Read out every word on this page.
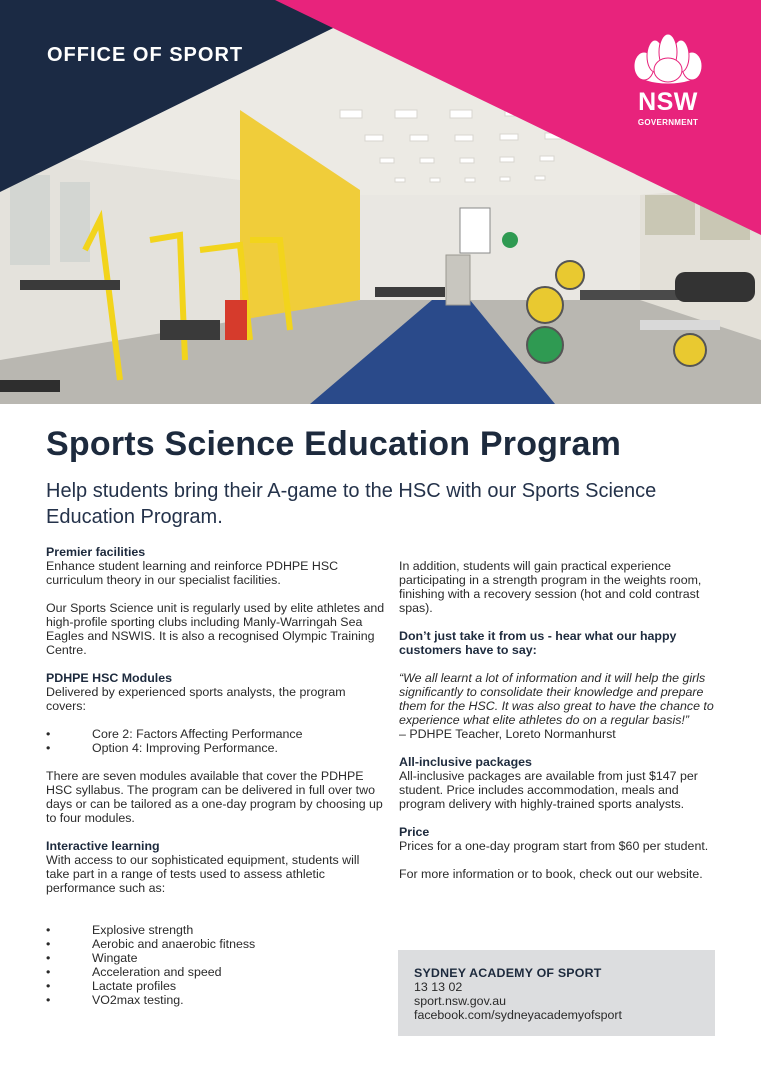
OFFICE OF SPORT
NSW
GOVERNMENT
Sports Science Education Program
Help students bring their A-game to the HSC with our Sports Science Education Program.
Premier facilities

Enhance student learning and reinforce PDHPE HSC curriculum theory in our specialist facilities.

Our Sports Science unit is regularly used by elite athletes and high-profile sporting clubs including Manly-Warringah Sea Eagles and NSWIS. It is also a recognised Olympic Training Centre.

PDHPE HSC Modules

Delivered by experienced sports analysts, the program covers:

•	Core 2: Factors Affecting Performance
•	Option 4: Improving Performance.

There are seven modules available that cover the PDHPE HSC syllabus. The program can be delivered in full over two days or can be tailored as a one-day program by choosing up to four modules.

Interactive learning

With access to our sophisticated equipment, students will take part in a range of tests used to assess athletic performance such as:

•	Explosive strength
•	Aerobic and anaerobic fitness
•	Wingate
•	Acceleration and speed
•	Lactate profiles
•	VO2max testing.

In addition, students will gain practical experience participating in a strength program in the weights room, finishing with a recovery session (hot and cold contrast spas).

Don’t just take it from us - hear what our happy customers have to say:

“We all learnt a lot of information and it will help the girls significantly to consolidate their knowledge and prepare them for the HSC. It was also great to have the chance to experience what elite athletes do on a regular basis!”
– PDHPE Teacher, Loreto Normanhurst

All-inclusive packages

All-inclusive packages are available from just $147 per student. Price includes accommodation, meals and program delivery with highly-trained sports analysts.

Price

Prices for a one-day program start from $60 per student.

For more information or to book, check out our website.

SYDNEY ACADEMY OF SPORT
13 13 02
sport.nsw.gov.au
facebook.com/sydneyacademyofsport
